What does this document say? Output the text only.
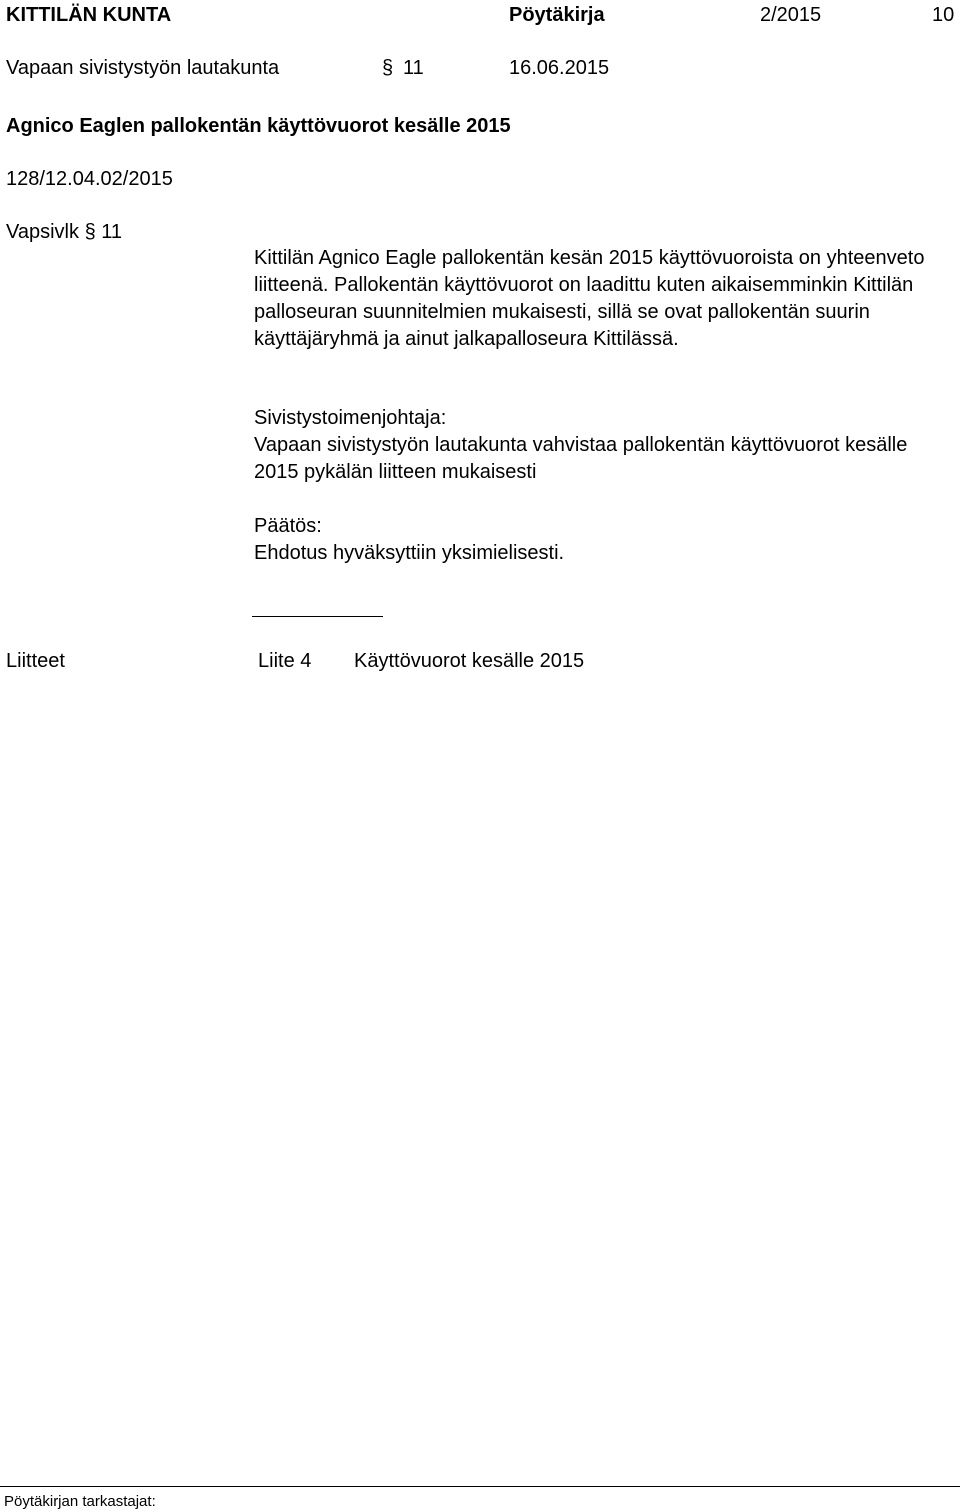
KITTILÄN KUNTA	Pöytäkirja	2/2015	10
Vapaan sivistystyön lautakunta	§ 11	16.06.2015
Agnico Eaglen pallokentän käyttövuorot kesälle 2015
128/12.04.02/2015
Vapsivlk § 11

Kittilän Agnico Eagle pallokentän kesän 2015 käyttövuoroista on yhteenveto liitteenä. Pallokentän käyttövuorot on laadittu kuten aikaisemminkin Kittilän palloseuran suunnitelmien mukaisesti, sillä se ovat pallokentän suurin käyttäjäryhmä ja ainut jalkapalloseura Kittilässä.

Sivistystoimenjohtaja:

Vapaan sivistystyön lautakunta vahvistaa pallokentän käyttövuorot kesälle 2015 pykälän liitteen mukaisesti

Päätös:

Ehdotus hyväksyttiin yksimielisesti.

Liitteet	Liite 4 Käyttövuorot kesälle 2015
Pöytäkirjan tarkastajat:
